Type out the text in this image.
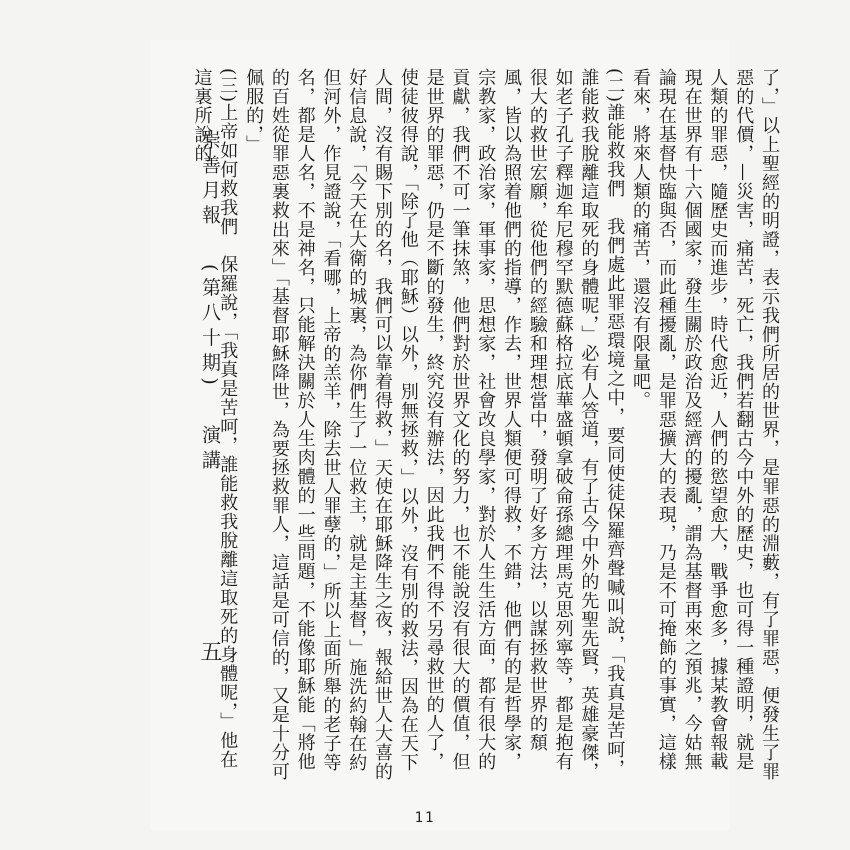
崇善月報(第八十期)演講
五	了，」以上聖經的明證，表示我們所居的世界，是罪惡的淵藪，有了罪惡，便發生了罪惡的代價，—災害，痛苦，死亡，我們若翻古今中外的歷史，也可得一種證明，就是人類的罪惡，隨歷史而進步，時代愈近，人們的慾望愈大，戰爭愈多，據某教會報載現在世界有十六個國家，發生關於政治及經濟的擾亂，謂為基督再來之預兆，今姑無論現在基督快臨與否，而此種擾亂，是罪惡擴大的表現，乃是不可掩飾的事實，這樣看來，將來人類的痛苦，還沒有限量吧。
(二)誰能救我們　我們處此罪惡環境之中，要同使徒保羅齊聲喊叫說，「我真是苦呵，誰能救我脫離這取死的身體呢，」必有人答道，有了古今中外的先聖先賢，英雄豪傑，如老子孔子釋迦牟尼穆罕默德蘇格拉底華盛頓拿破侖孫總理馬克思列寧等，都是抱有很大的救世宏願，從他們的經驗和理想當中，發明了好多方法，以謀拯救世界的頹風，皆以為照着他們的指導，作去，世界人類便可得救，不錯，他們有的是哲學家，宗教家，政治家，軍事家，思想家，社會改良學家，對於人生生活方面，都有很大的貢獻，我們不可一筆抹煞，他們對於世界文化的努力，也不能說沒有很大的價值，但是世界的罪惡，仍是不斷的發生，終究沒有辦法，因此我們不得不另尋救世的人了，使徒彼得說，「除了他（耶穌）以外，別無拯救，」以外，沒有別的救法，因為在天下人間，沒有賜下別的名，我們可以靠着得救，」天使在耶穌降生之夜，報給世人大喜的好信息說，「今天在大衛的城裏，為你們生了一位救主，就是主基督，」施洗約翰在約但河外，作見證說，「看哪，上帝的羔羊，除去世人罪孽的，」所以上面所舉的老子等名，都是人名，不是神名，只能解決關於人生肉體的一些問題，不能像耶穌能「將他的百姓從罪惡裏救出來」「基督耶穌降世，為要拯救罪人，這話是可信的，又是十分可佩服的，」
(三)上帝如何救我們　保羅說，「我真是苦呵，誰能救我脫離這取死的身體呢，」他在這裏所說的
11
